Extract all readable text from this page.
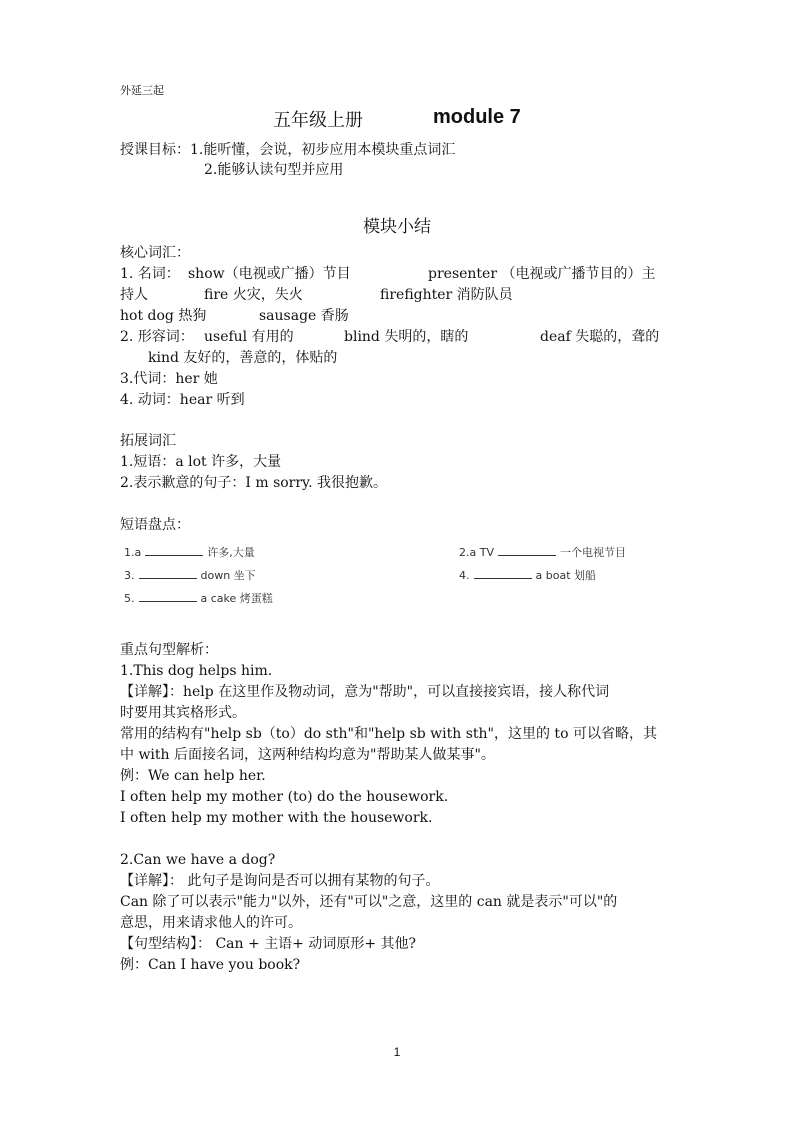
外延三起
五年级上册	module 7
授课目标：1.能听懂，会说，初步应用本模块重点词汇
2.能够认读句型并应用
模块小结
核心词汇：
1. 名词： show（电视或广播）节目	presenter （电视或广播节目的）主
持人	fire 火灾，失火	firefighter 消防队员
hot dog 热狗	sausage 香肠
2. 形容词： useful 有用的	blind 失明的，瞎的	deaf 失聪的，聋的
kind 友好的，善意的，体贴的
3.代词：her 她
4. 动词：hear 听到
拓展词汇
1.短语：a lot 许多，大量
2.表示歉意的句子：I m sorry. 我很抱歉。
短语盘点：
1.a	许多,大量	2.a TV	一个电视节目
3.	down 坐下	4.	a boat 划船
5.	a cake 烤蛋糕
重点句型解析：
1.This dog helps him.
【详解】：help 在这里作及物动词，意为"帮助"，可以直接接宾语，接人称代词
时要用其宾格形式。
常用的结构有"help sb（to）do sth"和"help sb with sth"，这里的 to 可以省略，其
中 with 后面接名词，这两种结构均意为"帮助某人做某事"。
例：We can help her.
I often help my mother (to) do the housework.
I often help my mother with the housework.
2.Can we have a dog?
【详解】： 此句子是询问是否可以拥有某物的句子。
Can 除了可以表示"能力"以外，还有"可以"之意，这里的 can 就是表示"可以"的
意思，用来请求他人的许可。
【句型结构】： Can + 主语+ 动词原形+ 其他?
例：Can I have you book?
1
